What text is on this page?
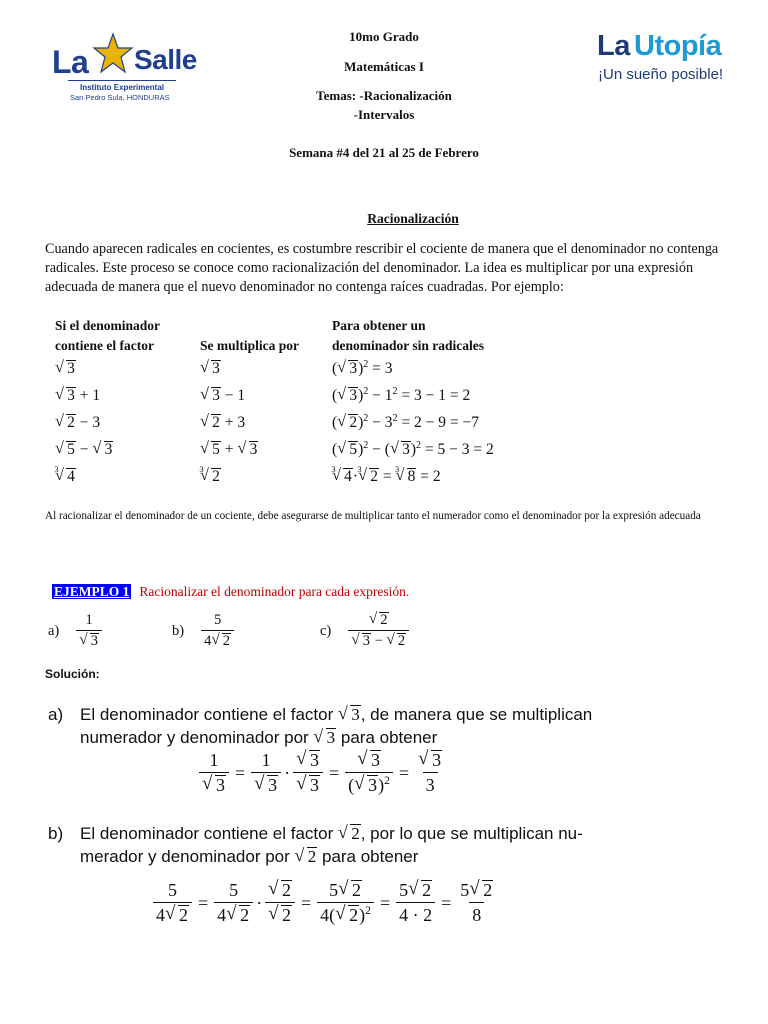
La Salle
Instituto Experimental
San Pedro Sula, HONDURAS
La Utopía
¡Un sueño posible!
10mo Grado
Matemáticas I
Temas: -Racionalización
-Intervalos
Semana #4 del 21 al 25 de Febrero
Racionalización
Cuando aparecen radicales en cocientes, es costumbre rescribir el cociente de manera que el denominador no contenga radicales. Este proceso se conoce como racionalización del denominador. La idea es multiplicar por una expresión adecuada de manera que el nuevo denominador no contenga raíces cuadradas. Por ejemplo:
Si el denominador
contiene el factor	Se multiplica por
Para obtener un
denominador sin radicales
√ 3	√ 3	( √ 3)$^2$ = 3
√ 3 + 1	√ 3 − 1	( √ $3)^2 - 1^2 = 3 - 1 = 2$
√ 2 − 3	√ 2 + 3	( √ $2)^2 - 3^2 = 2 - 9 = -7$
√ 5 − √ 3	√ 5 + √ 3	( √ 5)$^2$ − ( √ 3)$^2$ = 5 − 3 = 2
√ 3 4	√ 3 2	√ 3 4· √ 3 2 = √ 3 8 = 2
Al racionalizar el denominador de un cociente, debe asegurarse de multiplicar tanto el numerador como el denominador por la expresión adecuada
EJEMPLO 1 Racionalizar el denominador para cada expresión.
a) 1
√ 3	$b) \frac{5}{4 √ 2}$	c) √ 2
√ 3 − √ 2
Solución:
a) El denominador contiene el factor √ 3, de manera que se multiplican
numerador y denominador por √ 3 para obtener
1
√ 3 = 1
√ 3 · √ 3
√ 3 = √ $\frac{3}{( √ 3)^2}$ = √ $\frac{3}{3}$
b) El denominador contiene el factor √ 2, por lo que se multiplican nu-
merador y denominador por √ 2 para obtener
$\frac{5}{4 √ 2} = \frac{5}{4 √ 2}$ · √ 2
√ $2 = \frac{5 √ 2}{4( √ 2)^2} = \frac{5 √ 2}{4 \cdot 2} = \frac{5 √ 2}{8}$
